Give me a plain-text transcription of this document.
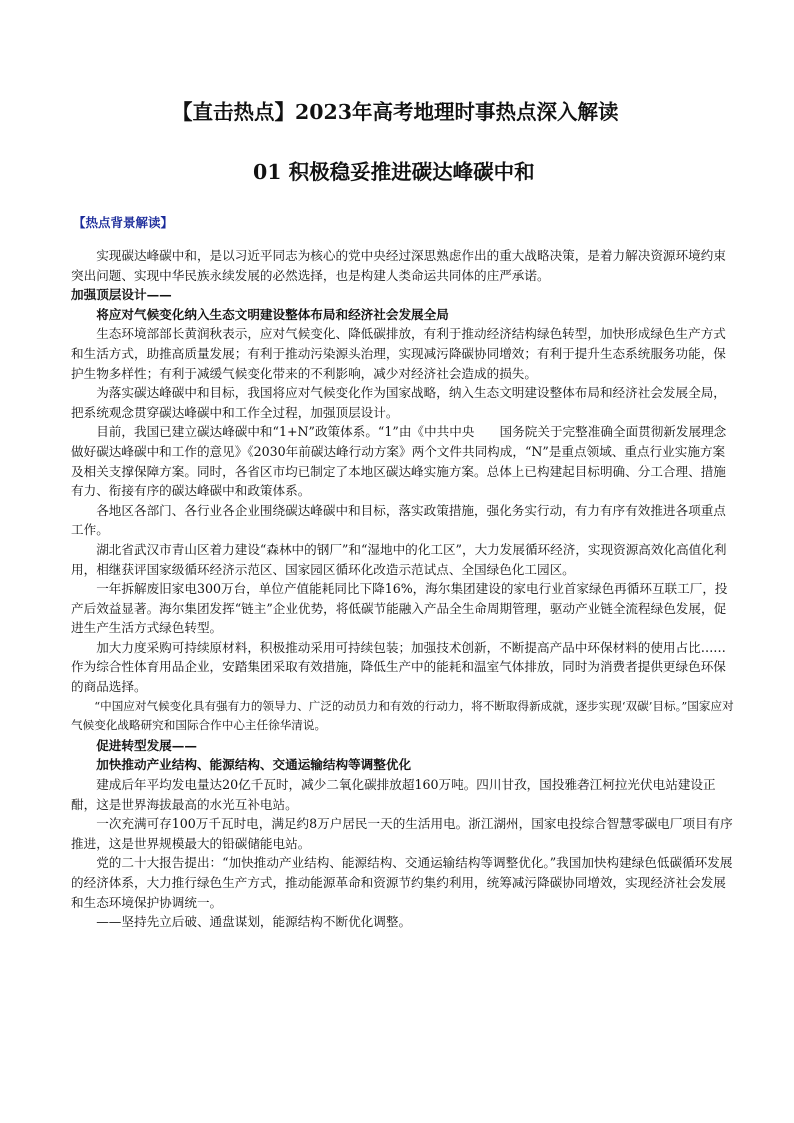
【直击热点】2023年高考地理时事热点深入解读
01 积极稳妥推进碳达峰碳中和
【热点背景解读】

实现碳达峰碳中和，是以习近平同志为核心的党中央经过深思熟虑作出的重大战略决策，是着力解决资源环境约束突出问题、实现中华民族永续发展的必然选择，也是构建人类命运共同体的庄严承诺。

加强顶层设计——

将应对气候变化纳入生态文明建设整体布局和经济社会发展全局

生态环境部部长黄润秋表示，应对气候变化、降低碳排放，有利于推动经济结构绿色转型，加快形成绿色生产方式和生活方式，助推高质量发展；有利于推动污染源头治理，实现减污降碳协同增效；有利于提升生态系统服务功能，保护生物多样性；有利于减缓气候变化带来的不利影响，减少对经济社会造成的损失。

为落实碳达峰碳中和目标，我国将应对气候变化作为国家战略，纳入生态文明建设整体布局和经济社会发展全局，把系统观念贯穿碳达峰碳中和工作全过程，加强顶层设计。

目前，我国已建立碳达峰碳中和“1+N”政策体系。“1”由《中共中央　　国务院关于完整准确全面贯彻新发展理念做好碳达峰碳中和工作的意见》《2030年前碳达峰行动方案》两个文件共同构成，“N”是重点领域、重点行业实施方案及相关支撑保障方案。同时，各省区市均已制定了本地区碳达峰实施方案。总体上已构建起目标明确、分工合理、措施有力、衔接有序的碳达峰碳中和政策体系。

各地区各部门、各行业各企业围绕碳达峰碳中和目标，落实政策措施，强化务实行动，有力有序有效推进各项重点工作。

湖北省武汉市青山区着力建设“森林中的钢厂”和“湿地中的化工区”，大力发展循环经济，实现资源高效化高值化利用，相继获评国家级循环经济示范区、国家园区循环化改造示范试点、全国绿色化工园区。

一年拆解废旧家电300万台，单位产值能耗同比下降16%，海尔集团建设的家电行业首家绿色再循环互联工厂，投产后效益显著。海尔集团发挥“链主”企业优势，将低碳节能融入产品全生命周期管理，驱动产业链全流程绿色发展，促进生产生活方式绿色转型。

加大力度采购可持续原材料，积极推动采用可持续包装；加强技术创新，不断提高产品中环保材料的使用占比……作为综合性体育用品企业，安踏集团采取有效措施，降低生产中的能耗和温室气体排放，同时为消费者提供更绿色环保的商品选择。

“中国应对气候变化具有强有力的领导力、广泛的动员力和有效的行动力，将不断取得新成就，逐步实现‘双碳’目标。”国家应对气候变化战略研究和国际合作中心主任徐华清说。

促进转型发展——

加快推动产业结构、能源结构、交通运输结构等调整优化

建成后年平均发电量达20亿千瓦时，减少二氧化碳排放超160万吨。四川甘孜，国投雅砻江柯拉光伏电站建设正酣，这是世界海拔最高的水光互补电站。

一次充满可存100万千瓦时电，满足约8万户居民一天的生活用电。浙江湖州，国家电投综合智慧零碳电厂项目有序推进，这是世界规模最大的铅碳储能电站。

党的二十大报告提出：“加快推动产业结构、能源结构、交通运输结构等调整优化。”我国加快构建绿色低碳循环发展的经济体系，大力推行绿色生产方式，推动能源革命和资源节约集约利用，统筹减污降碳协同增效，实现经济社会发展和生态环境保护协调统一。

——坚持先立后破、通盘谋划，能源结构不断优化调整。
